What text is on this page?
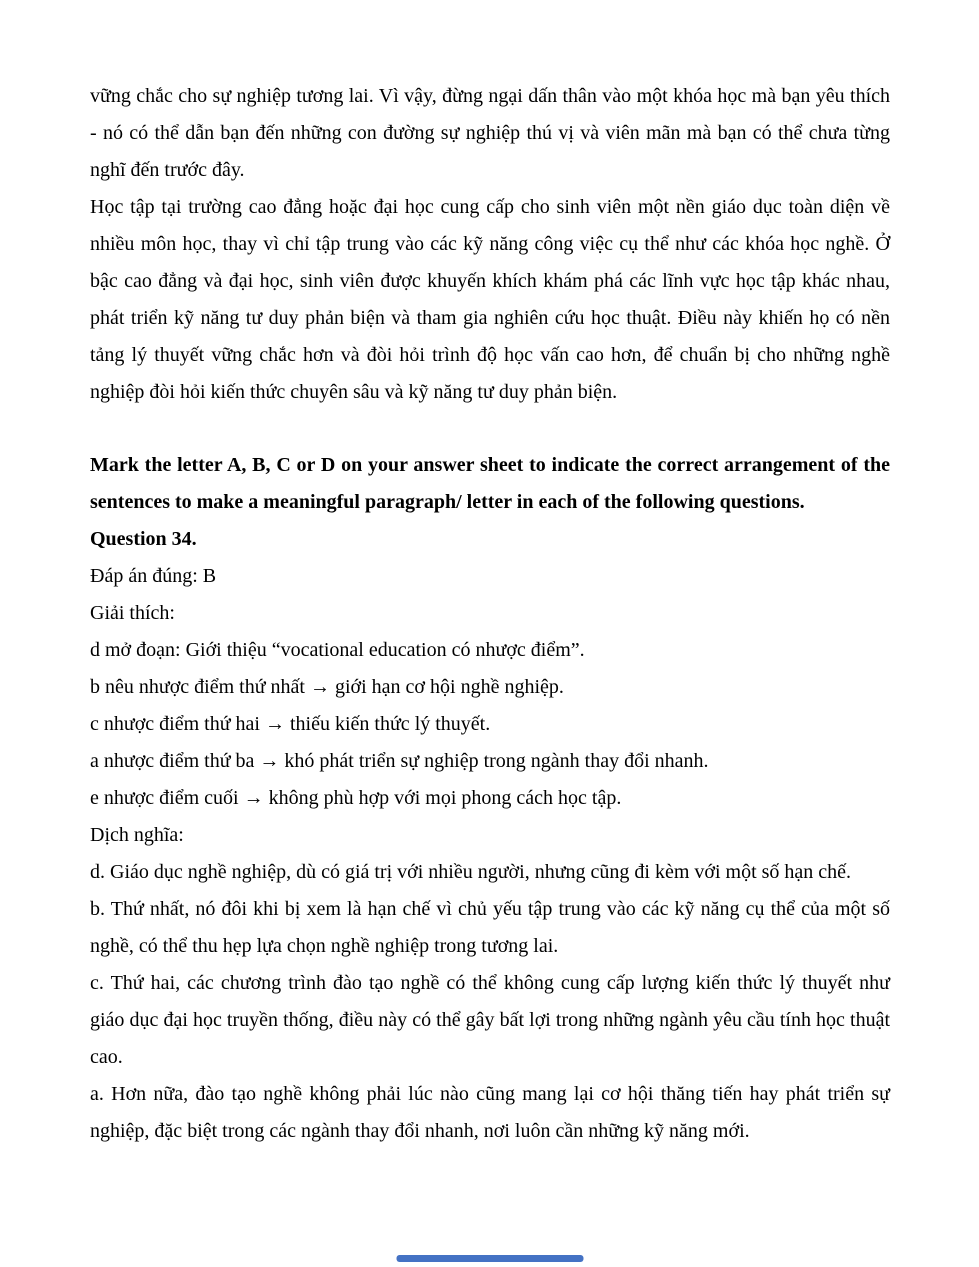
vững chắc cho sự nghiệp tương lai. Vì vậy, đừng ngại dấn thân vào một khóa học mà bạn yêu thích - nó có thể dẫn bạn đến những con đường sự nghiệp thú vị và viên mãn mà bạn có thể chưa từng nghĩ đến trước đây.

Học tập tại trường cao đẳng hoặc đại học cung cấp cho sinh viên một nền giáo dục toàn diện về nhiều môn học, thay vì chỉ tập trung vào các kỹ năng công việc cụ thể như các khóa học nghề. Ở bậc cao đẳng và đại học, sinh viên được khuyến khích khám phá các lĩnh vực học tập khác nhau, phát triển kỹ năng tư duy phản biện và tham gia nghiên cứu học thuật. Điều này khiến họ có nền tảng lý thuyết vững chắc hơn và đòi hỏi trình độ học vấn cao hơn, để chuẩn bị cho những nghề nghiệp đòi hỏi kiến thức chuyên sâu và kỹ năng tư duy phản biện.

Mark the letter A, B, C or D on your answer sheet to indicate the correct arrangement of the sentences to make a meaningful paragraph/ letter in each of the following questions.

Question 34.

Đáp án đúng: B

Giải thích:

d mở đoạn: Giới thiệu “vocational education có nhược điểm”.

b nêu nhược điểm thứ nhất → giới hạn cơ hội nghề nghiệp.

c nhược điểm thứ hai → thiếu kiến thức lý thuyết.

a nhược điểm thứ ba → khó phát triển sự nghiệp trong ngành thay đổi nhanh.

e nhược điểm cuối → không phù hợp với mọi phong cách học tập.

Dịch nghĩa:

d. Giáo dục nghề nghiệp, dù có giá trị với nhiều người, nhưng cũng đi kèm với một số hạn chế.

b. Thứ nhất, nó đôi khi bị xem là hạn chế vì chủ yếu tập trung vào các kỹ năng cụ thể của một số nghề, có thể thu hẹp lựa chọn nghề nghiệp trong tương lai.

c. Thứ hai, các chương trình đào tạo nghề có thể không cung cấp lượng kiến thức lý thuyết như giáo dục đại học truyền thống, điều này có thể gây bất lợi trong những ngành yêu cầu tính học thuật cao.

a. Hơn nữa, đào tạo nghề không phải lúc nào cũng mang lại cơ hội thăng tiến hay phát triển sự nghiệp, đặc biệt trong các ngành thay đổi nhanh, nơi luôn cần những kỹ năng mới.
